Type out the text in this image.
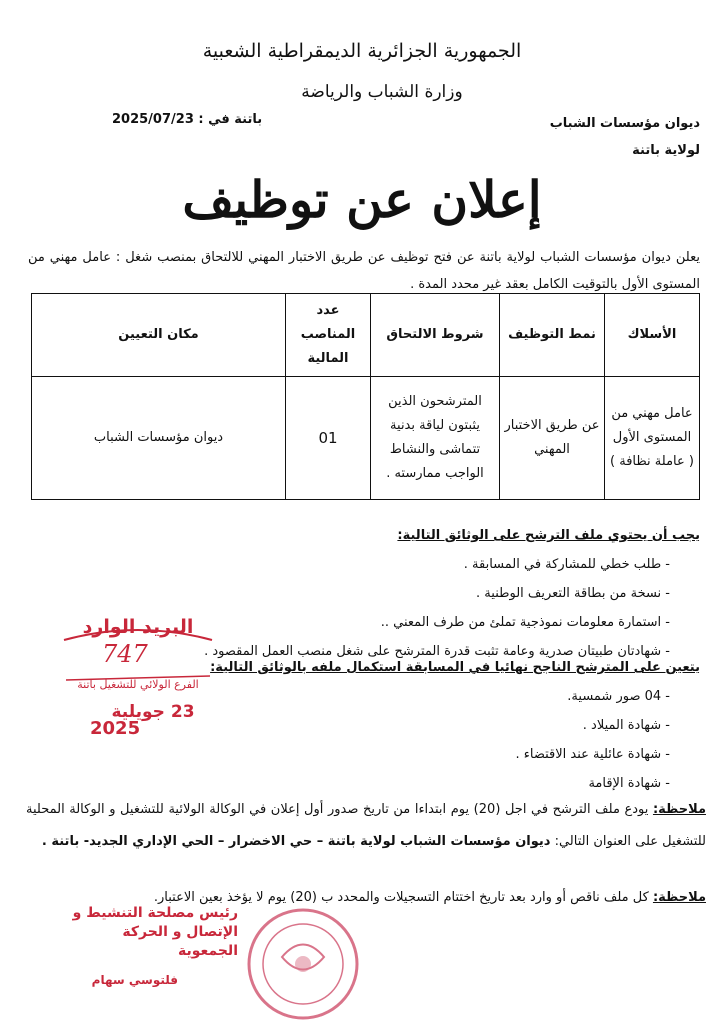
الجمهورية الجزائرية الديمقراطية الشعبية
وزارة الشباب والرياضة
ديوان مؤسسات الشباب
لولاية باتنة
باتنة في : 2025/07/23
إعلان عن توظيف
يعلن ديوان مؤسسات الشباب لولاية باتنة عن فتح توظيف عن طريق الاختبار المهني للالتحاق بمنصب شغل : عامل مهني من المستوى الأول بالتوقيت الكامل بعقد غير محدد المدة .
الأسلاك	نمط التوظيف	شروط الالتحاق	عدد المناصب المالية	مكان التعيين
عامل مهني من المستوى الأول ( عاملة نظافة )	عن طريق الاختبار المهني	المترشحون الذين يثبتون لياقة بدنية تتماشى والنشاط الواجب ممارسته .	01	ديوان مؤسسات الشباب
يجب أن يحتوي ملف الترشح على الوثائق التالية:
- طلب خطي للمشاركة في المسابقة .
- نسخة من بطاقة التعريف الوطنية .
- استمارة معلومات نموذجية تملئ من طرف المعني ..
- شهادتان طبيتان صدرية وعامة تثبت قدرة المترشح على شغل منصب العمل المقصود .
يتعين على المترشح الناجح نهائيا في المسابقة استكمال ملفه بالوثائق التالية:
- 04 صور شمسية.
- شهادة الميلاد .
- شهادة عائلية عند الاقتضاء .
- شهادة الإقامة
ملاحظة: يودع ملف الترشح في اجل (20) يوم ابتداءا من تاريخ صدور أول إعلان في الوكالة الولائية للتشغيل و الوكالة المحلية للتشغيل على العنوان التالي: ديوان مؤسسات الشباب لولاية باتنة – حي الاخضرار – الحي الإداري الجديد- باتنة .
ملاحظة: كل ملف ناقص أو وارد بعد تاريخ اختتام التسجيلات والمحدد ب (20) يوم لا يؤخذ بعين الاعتبار.
البريد الوارد
747
الفرع الولائي للتشغيل باتنة
23 جويلية
2025
رئيس مصلحة التنشيط و الإتصال و الحركة الجمعوية
فلتوسي سهام
